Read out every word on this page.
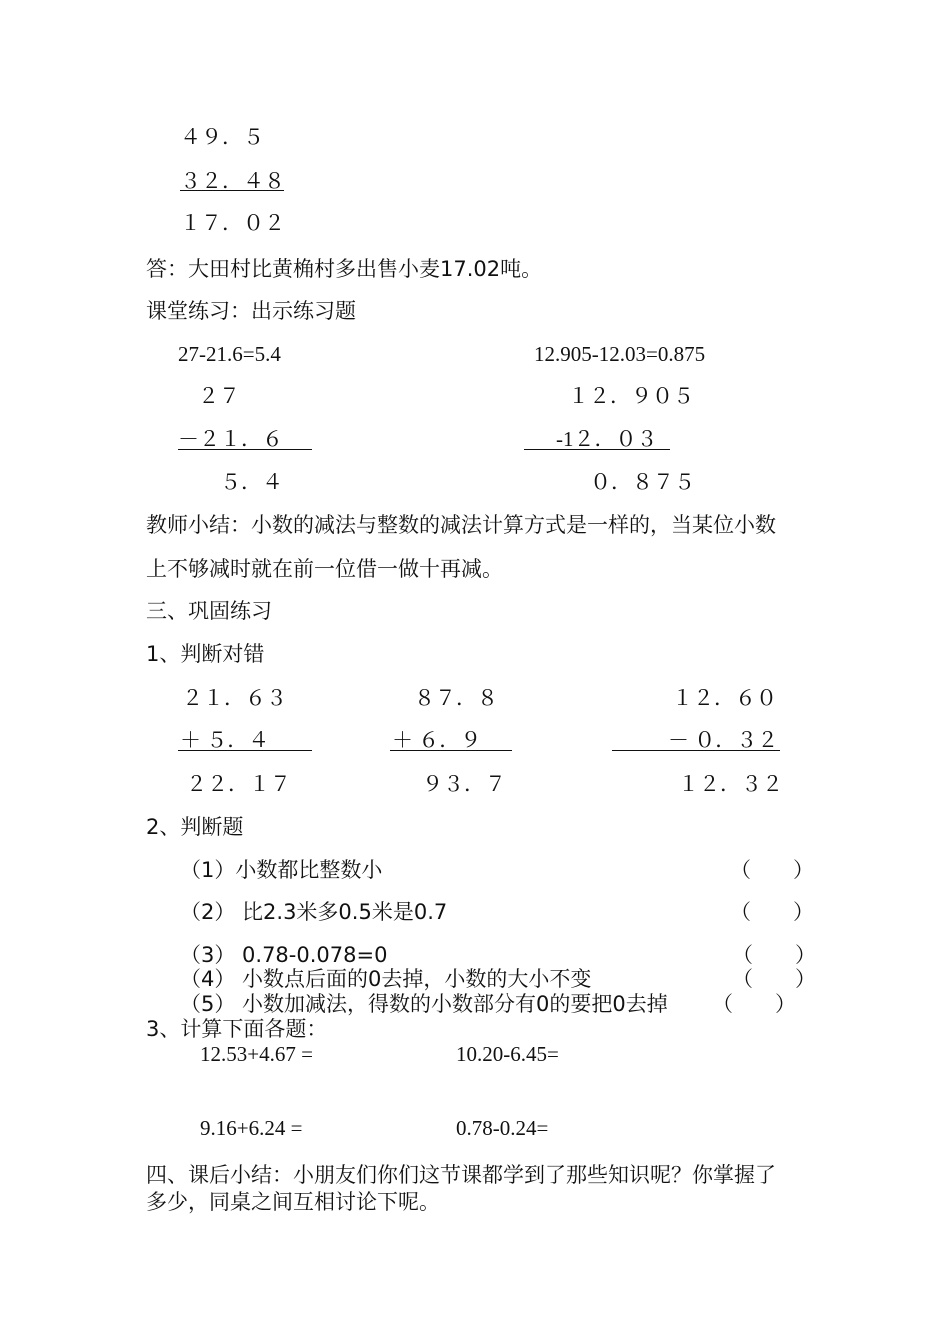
４９．５
３２．４８
１７．０２
答：大田村比黄桷村多出售小麦17.02吨。
课堂练习：出示练习题
27-21.6=5.4
２７
－２１．６
５．４
12.905-12.03=0.875
１２．９０５
-1２．０３
０．８７５
教师小结：小数的减法与整数的减法计算方式是一样的，当某位小数
上不够减时就在前一位借一做十再减。
三、巩固练习
1、判断对错
２１．６３
＋ ５．４
２２．１７
８７．８
＋ ６．９
９３．７
１２．６０
－ ０．３２
１２．３２
2、判断题
（1）小数都比整数小	（　　）
（2） 比2.3米多0.5米是0.7	（　　）
（3） 0.78-0.078=0	（　　）
（4） 小数点后面的0去掉，小数的大小不变	（　　）
（5） 小数加减法，得数的小数部分有0的要把0去掉 （　　）
3、计算下面各题：
12.53+4.67 =	10.20-6.45=
9.16+6.24 =	0.78-0.24=
四、课后小结：小朋友们你们这节课都学到了那些知识呢？你掌握了
多少，同桌之间互相讨论下呢。
